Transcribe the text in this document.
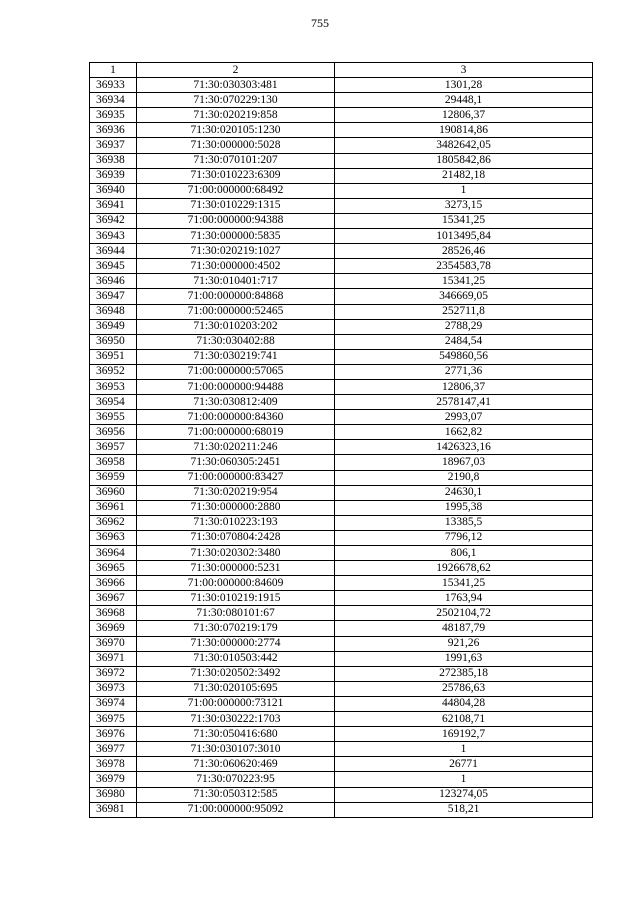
755
1	2	3
36933	71:30:030303:481	1301,28
36934	71:30:070229:130	29448,1
36935	71:30:020219:858	12806,37
36936	71:30:020105:1230	190814,86
36937	71:30:000000:5028	3482642,05
36938	71:30:070101:207	1805842,86
36939	71:30:010223:6309	21482,18
36940	71:00:000000:68492	1
36941	71:30:010229:1315	3273,15
36942	71:00:000000:94388	15341,25
36943	71:30:000000:5835	1013495,84
36944	71:30:020219:1027	28526,46
36945	71:30:000000:4502	2354583,78
36946	71:30:010401:717	15341,25
36947	71:00:000000:84868	346669,05
36948	71:00:000000:52465	252711,8
36949	71:30:010203:202	2788,29
36950	71:30:030402:88	2484,54
36951	71:30:030219:741	549860,56
36952	71:00:000000:57065	2771,36
36953	71:00:000000:94488	12806,37
36954	71:30:030812:409	2578147,41
36955	71:00:000000:84360	2993,07
36956	71:00:000000:68019	1662,82
36957	71:30:020211:246	1426323,16
36958	71:30:060305:2451	18967,03
36959	71:00:000000:83427	2190,8
36960	71:30:020219:954	24630,1
36961	71:30:000000:2880	1995,38
36962	71:30:010223:193	13385,5
36963	71:30:070804:2428	7796,12
36964	71:30:020302:3480	806,1
36965	71:30:000000:5231	1926678,62
36966	71:00:000000:84609	15341,25
36967	71:30:010219:1915	1763,94
36968	71:30:080101:67	2502104,72
36969	71:30:070219:179	48187,79
36970	71:30:000000:2774	921,26
36971	71:30:010503:442	1991,63
36972	71:30:020502:3492	272385,18
36973	71:30:020105:695	25786,63
36974	71:00:000000:73121	44804,28
36975	71:30:030222:1703	62108,71
36976	71:30:050416:680	169192,7
36977	71:30:030107:3010	1
36978	71:30:060620:469	26771
36979	71:30:070223:95	1
36980	71:30:050312:585	123274,05
36981	71:00:000000:95092	518,21
